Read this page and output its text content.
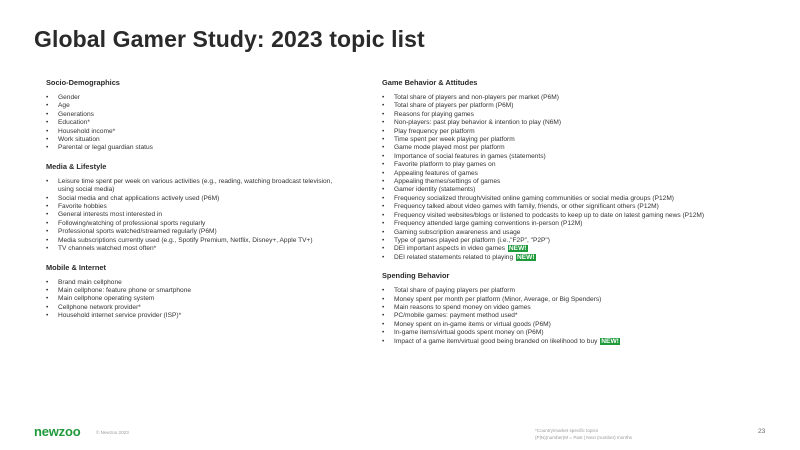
Global Gamer Study: 2023 topic list
Socio-Demographics
• Gender
• Age
• Generations
• Education*
• Household income*
• Work situation
• Parental or legal guardian status
Media & Lifestyle
• Leisure time spent per week on various activities (e.g., reading, watching broadcast television, using social media)
• Social media and chat applications actively used (P6M)
• Favorite hobbies
• General interests most interested in
• Following/watching of professional sports regularly
• Professional sports watched/streamed regularly (P6M)
• Media subscriptions currently used (e.g., Spotify Premium, Netflix, Disney+, Apple TV+)
• TV channels watched most often*
Mobile & Internet
• Brand main cellphone
• Main cellphone: feature phone or smartphone
• Main cellphone operating system
• Cellphone network provider*
• Household internet service provider (ISP)*
Game Behavior & Attitudes
• Total share of players and non-players per market (P6M)
• Total share of players per platform (P6M)
• Reasons for playing games
• Non-players: past play behavior & intention to play (N6M)
• Play frequency per platform
• Time spent per week playing per platform
• Game mode played most per platform
• Importance of social features in games (statements)
• Favorite platform to play games on
• Appealing features of games
• Appealing themes/settings of games
• Gamer identity (statements)
• Frequency socialized through/visited online gaming communities or social media groups (P12M)
• Frequency talked about video games with family, friends, or other significant others (P12M)
• Frequency visited websites/blogs or listened to podcasts to keep up to date on latest gaming news (P12M)
• Frequency attended large gaming conventions in-person (P12M)
• Gaming subscription awareness and usage
• Type of games played per platform (i.e.,"F2P", "P2P")
• DEI important aspects in video games NEW!
• DEI related statements related to playing NEW!
Spending Behavior
• Total share of paying players per platform
• Money spent per month per platform (Minor, Average, or Big Spenders)
• Main reasons to spend money on video games
• PC/mobile games: payment method used*
• Money spent on in-game items or virtual goods (P6M)
• In-game items/virtual goods spent money on (P6M)
• Impact of a game item/virtual good being branded on likelihood to buy NEW!
newzoo	© Newzoo 2023	*Country/market specific topics
(P|N)(number)M = Past | Next (number) months
23
